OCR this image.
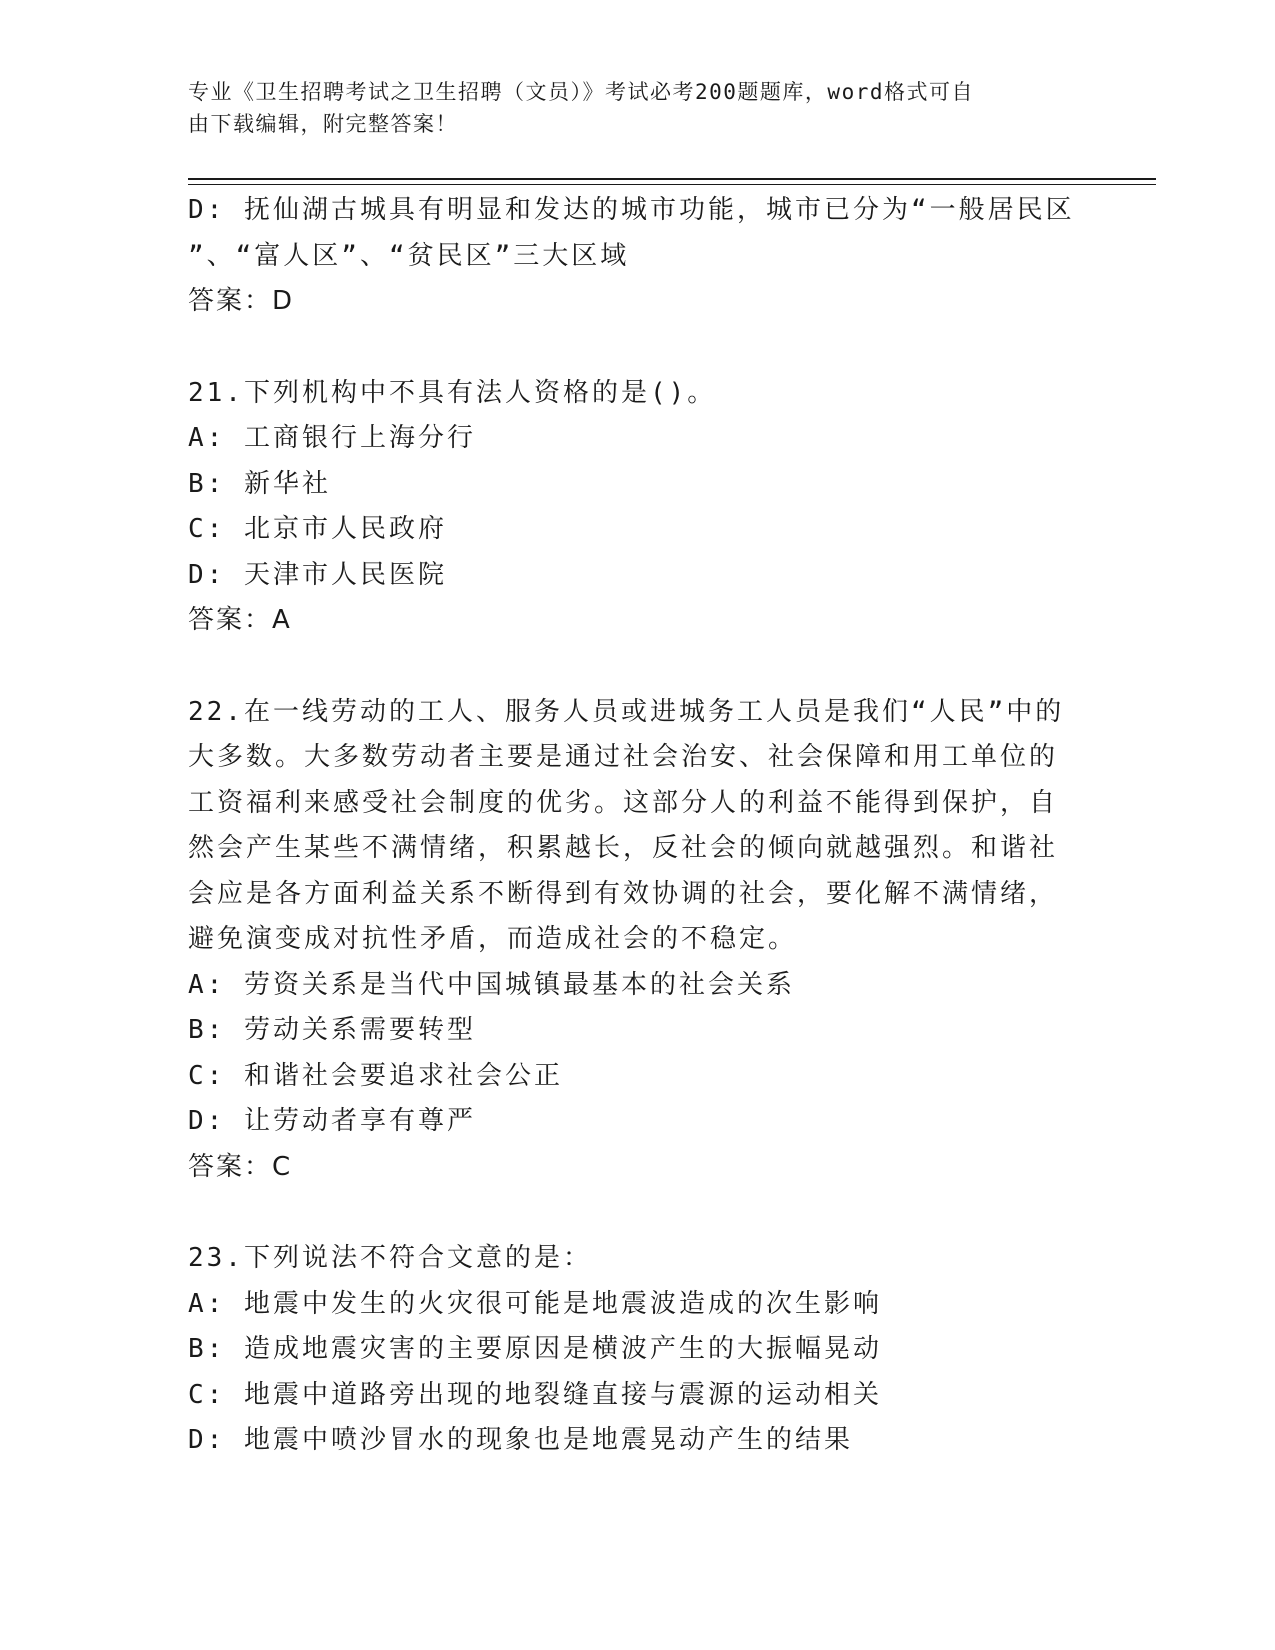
专业《卫生招聘考试之卫生招聘（文员）》考试必考200题题库，word格式可自
由下载编辑，附完整答案！
D: 抚仙湖古城具有明显和发达的城市功能，城市已分为“一般居民区
”、“富人区”、“贫民区”三大区域
答案：D
21.下列机构中不具有法人资格的是()。
A: 工商银行上海分行
B: 新华社
C: 北京市人民政府
D: 天津市人民医院
答案：A
22.在一线劳动的工人、服务人员或进城务工人员是我们“人民”中的
大多数。大多数劳动者主要是通过社会治安、社会保障和用工单位的
工资福利来感受社会制度的优劣。这部分人的利益不能得到保护，自
然会产生某些不满情绪，积累越长，反社会的倾向就越强烈。和谐社
会应是各方面利益关系不断得到有效协调的社会，要化解不满情绪，
避免演变成对抗性矛盾，而造成社会的不稳定。
A: 劳资关系是当代中国城镇最基本的社会关系
B: 劳动关系需要转型
C: 和谐社会要追求社会公正
D: 让劳动者享有尊严
答案：C
23.下列说法不符合文意的是：
A: 地震中发生的火灾很可能是地震波造成的次生影响
B: 造成地震灾害的主要原因是横波产生的大振幅晃动
C: 地震中道路旁出现的地裂缝直接与震源的运动相关
D: 地震中喷沙冒水的现象也是地震晃动产生的结果
